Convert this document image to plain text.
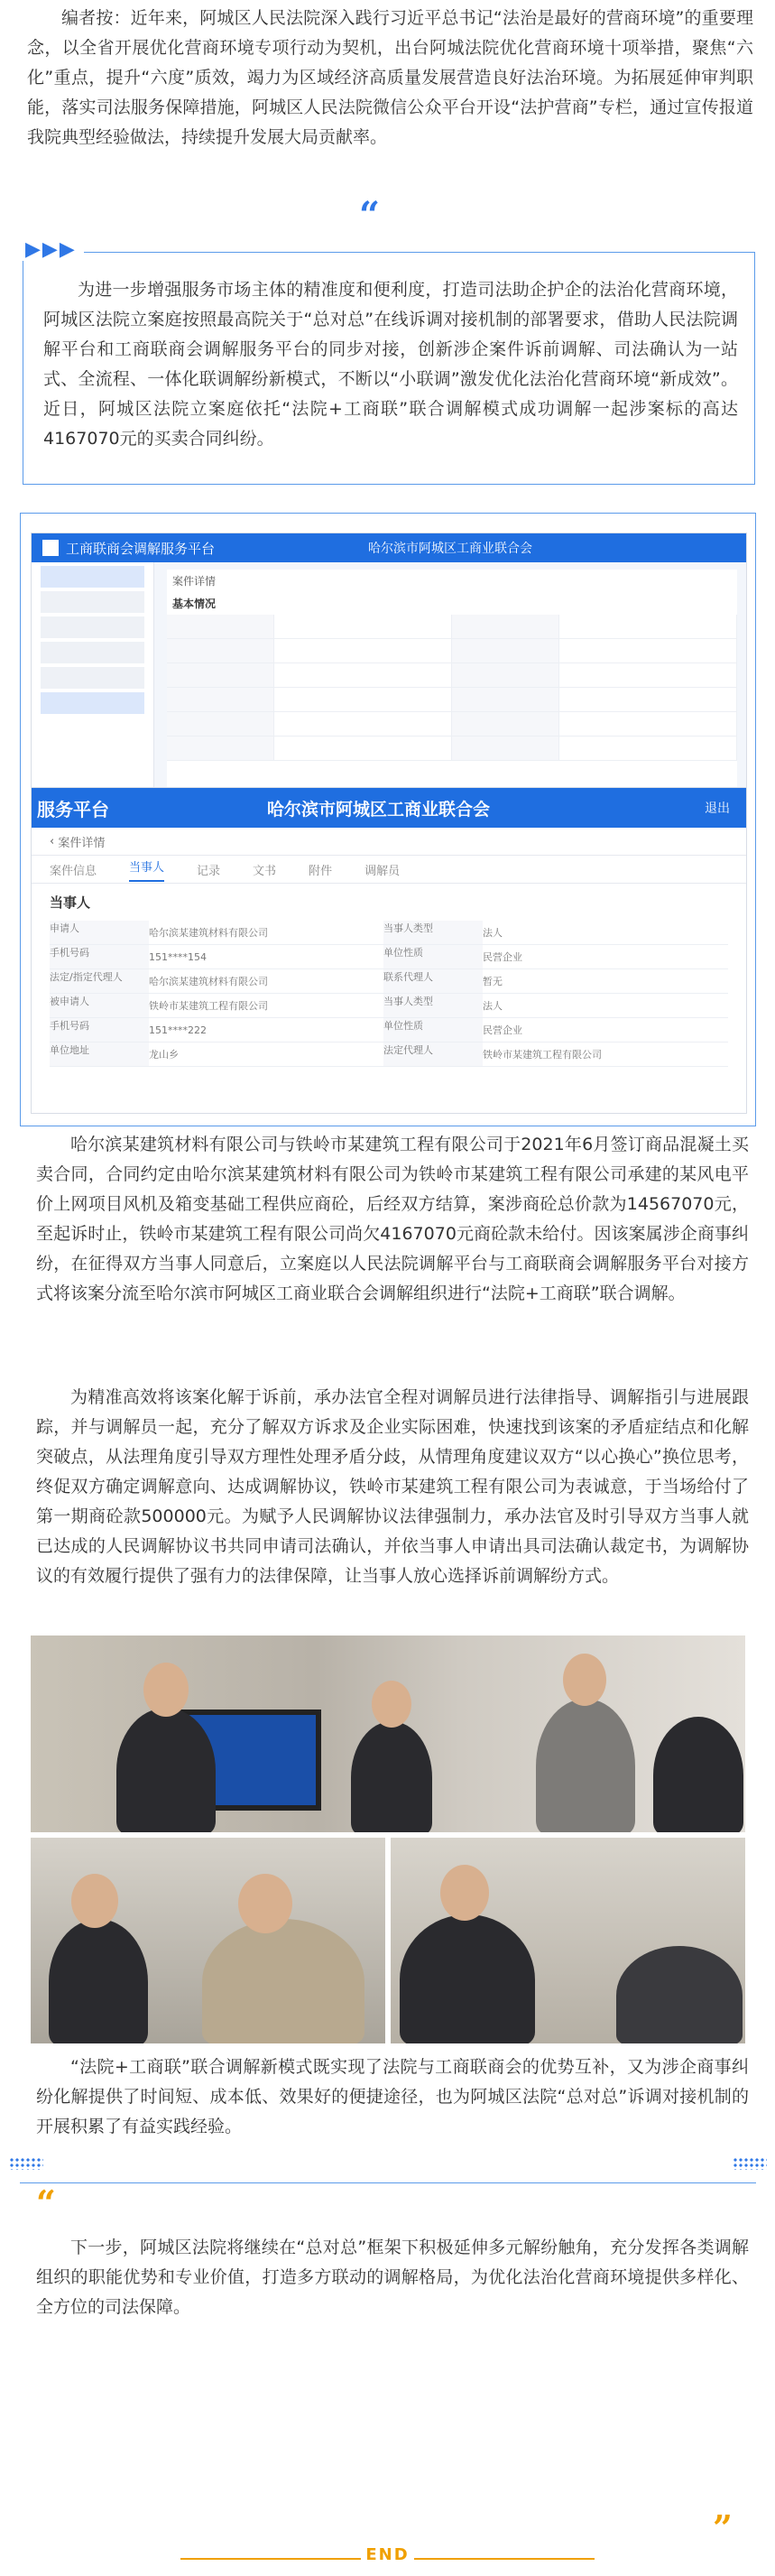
编者按：近年来，阿城区人民法院深入践行习近平总书记“法治是最好的营商环境”的重要理念，以全省开展优化营商环境专项行动为契机，出台阿城法院优化营商环境十项举措，聚焦“六化”重点，提升“六度”质效，竭力为区域经济高质量发展营造良好法治环境。为拓展延伸审判职能，落实司法服务保障措施，阿城区人民法院微信公众平台开设“法护营商”专栏，通过宣传报道我院典型经验做法，持续提升发展大局贡献率。

“
▶▶▶

为进一步增强服务市场主体的精准度和便利度，打造司法助企护企的法治化营商环境，阿城区法院立案庭按照最高院关于“总对总”在线诉调对接机制的部署要求，借助人民法院调解平台和工商联商会调解服务平台的同步对接，创新涉企案件诉前调解、司法确认为一站式、全流程、一体化联调解纷新模式，不断以“小联调”激发优化法治化营商环境“新成效”。近日，阿城区法院立案庭依托“法院+工商联”联合调解模式成功调解一起涉案标的高达4167070元的买卖合同纠纷。

工商联商会调解服务平台	哈尔滨市阿城区工商业联合会
案件详情
基本情况
服务平台	哈尔滨市阿城区工商业联合会	退出
‹ 案件详情
案件信息	当事人	记录	文书	附件	调解员
当事人
申请人	哈尔滨某建筑材料有限公司	当事人类型	法人
手机号码	151****154	单位性质	民营企业
法定/指定代理人	哈尔滨某建筑材料有限公司	联系代理人	暂无
被申请人	铁岭市某建筑工程有限公司	当事人类型	法人
手机号码	151****222	单位性质	民营企业
单位地址	龙山乡	法定代理人	铁岭市某建筑工程有限公司

哈尔滨某建筑材料有限公司与铁岭市某建筑工程有限公司于2021年6月签订商品混凝土买卖合同，合同约定由哈尔滨某建筑材料有限公司为铁岭市某建筑工程有限公司承建的某风电平价上网项目风机及箱变基础工程供应商砼，后经双方结算，案涉商砼总价款为14567070元，至起诉时止，铁岭市某建筑工程有限公司尚欠4167070元商砼款未给付。因该案属涉企商事纠纷，在征得双方当事人同意后，立案庭以人民法院调解平台与工商联商会调解服务平台对接方式将该案分流至哈尔滨市阿城区工商业联合会调解组织进行“法院+工商联”联合调解。

为精准高效将该案化解于诉前，承办法官全程对调解员进行法律指导、调解指引与进展跟踪，并与调解员一起，充分了解双方诉求及企业实际困难，快速找到该案的矛盾症结点和化解突破点，从法理角度引导双方理性处理矛盾分歧，从情理角度建议双方“以心换心”换位思考，终促双方确定调解意向、达成调解协议，铁岭市某建筑工程有限公司为表诚意，于当场给付了第一期商砼款500000元。为赋予人民调解协议法律强制力，承办法官及时引导双方当事人就已达成的人民调解协议书共同申请司法确认，并依当事人申请出具司法确认裁定书，为调解协议的有效履行提供了强有力的法律保障，让当事人放心选择诉前调解纷方式。

“法院+工商联”联合调解新模式既实现了法院与工商联商会的优势互补，又为涉企商事纠纷化解提供了时间短、成本低、效果好的便捷途径，也为阿城区法院“总对总”诉调对接机制的开展积累了有益实践经验。

“

下一步，阿城区法院将继续在“总对总”框架下积极延伸多元解纷触角，充分发挥各类调解组织的职能优势和专业价值，打造多方联动的调解格局，为优化法治化营商环境提供多样化、全方位的司法保障。

”
END
